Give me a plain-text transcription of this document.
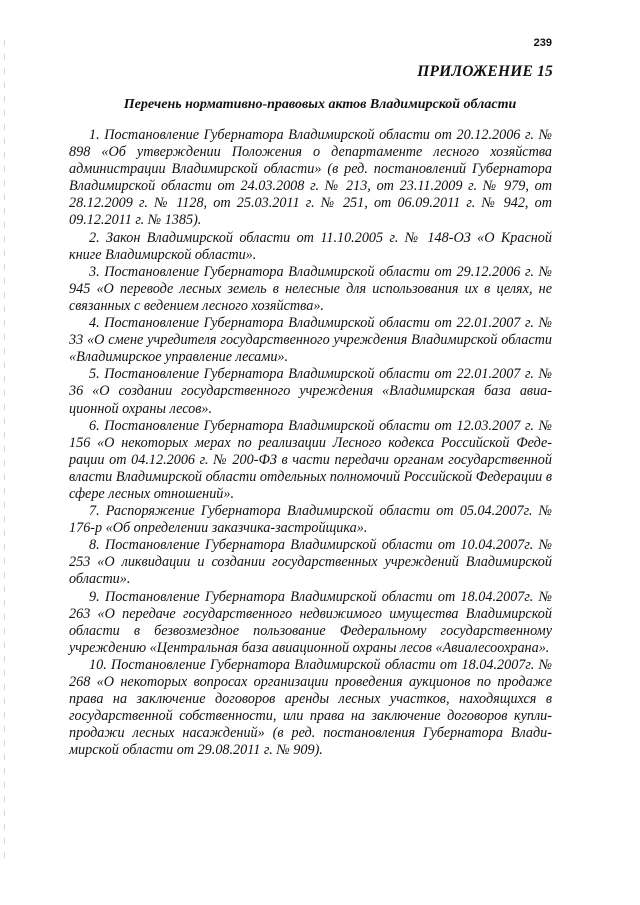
239
ПРИЛОЖЕНИЕ 15
Перечень нормативно-правовых актов Владимирской области

1. Постановление Губернатора Владимирской области от 20.12.2006 г. № 898 «Об утверждении Положения о департаменте лесного хозяйства администрации Владимирской области» (в ред. постановлений Губернатора Владимирской области от 24.03.2008 г. № 213, от 23.11.2009 г. № 979, от 28.12.2009 г. № 1128, от 25.03.2011 г. № 251, от 06.09.2011 г. № 942, от 09.12.2011 г. № 1385).

2. Закон Владимирской области от 11.10.2005 г. № 148-ОЗ «О Красной книге Владимирской области».

3. Постановление Губернатора Владимирской области от 29.12.2006 г. № 945 «О переводе лесных земель в нелесные для использования их в целях, не связанных с ведением лесного хозяйства».

4. Постановление Губернатора Владимирской области от 22.01.2007 г. № 33 «О смене учредителя государственного учреждения Владимирской области «Владимирское управление лесами».

5. Постановление Губернатора Владимирской области от 22.01.2007 г. № 36 «О создании государственного учреждения «Владимирская база авиационной охраны лесов».

6. Постановление Губернатора Владимирской области от 12.03.2007 г. № 156 «О некоторых мерах по реализации Лесного кодекса Российской Федерации от 04.12.2006 г. № 200-ФЗ в части передачи органам государственной власти Владимирской области отдельных полномочий Российской Федерации в сфере лесных отношений».

7. Распоряжение Губернатора Владимирской области от 05.04.2007г. № 176-р «Об определении заказчика-застройщика».

8. Постановление Губернатора Владимирской области от 10.04.2007г. № 253 «О ликвидации и создании государственных учреждений Владимирской области».

9. Постановление Губернатора Владимирской области от 18.04.2007г. № 263 «О передаче государственного недвижимого имущества Владимирской области в безвозмездное пользование Федеральному государственному учреждению «Центральная база авиационной охраны лесов «Авиалесоохрана».

10. Постановление Губернатора Владимирской области от 18.04.2007г. № 268 «О некоторых вопросах организации проведения аукционов по продаже права на заключение договоров аренды лесных участков, находящихся в государственной собственности, или права на заключение договоров купли-продажи лесных насаждений» (в ред. постановления Губернатора Владимирской области от 29.08.2011 г. № 909).
